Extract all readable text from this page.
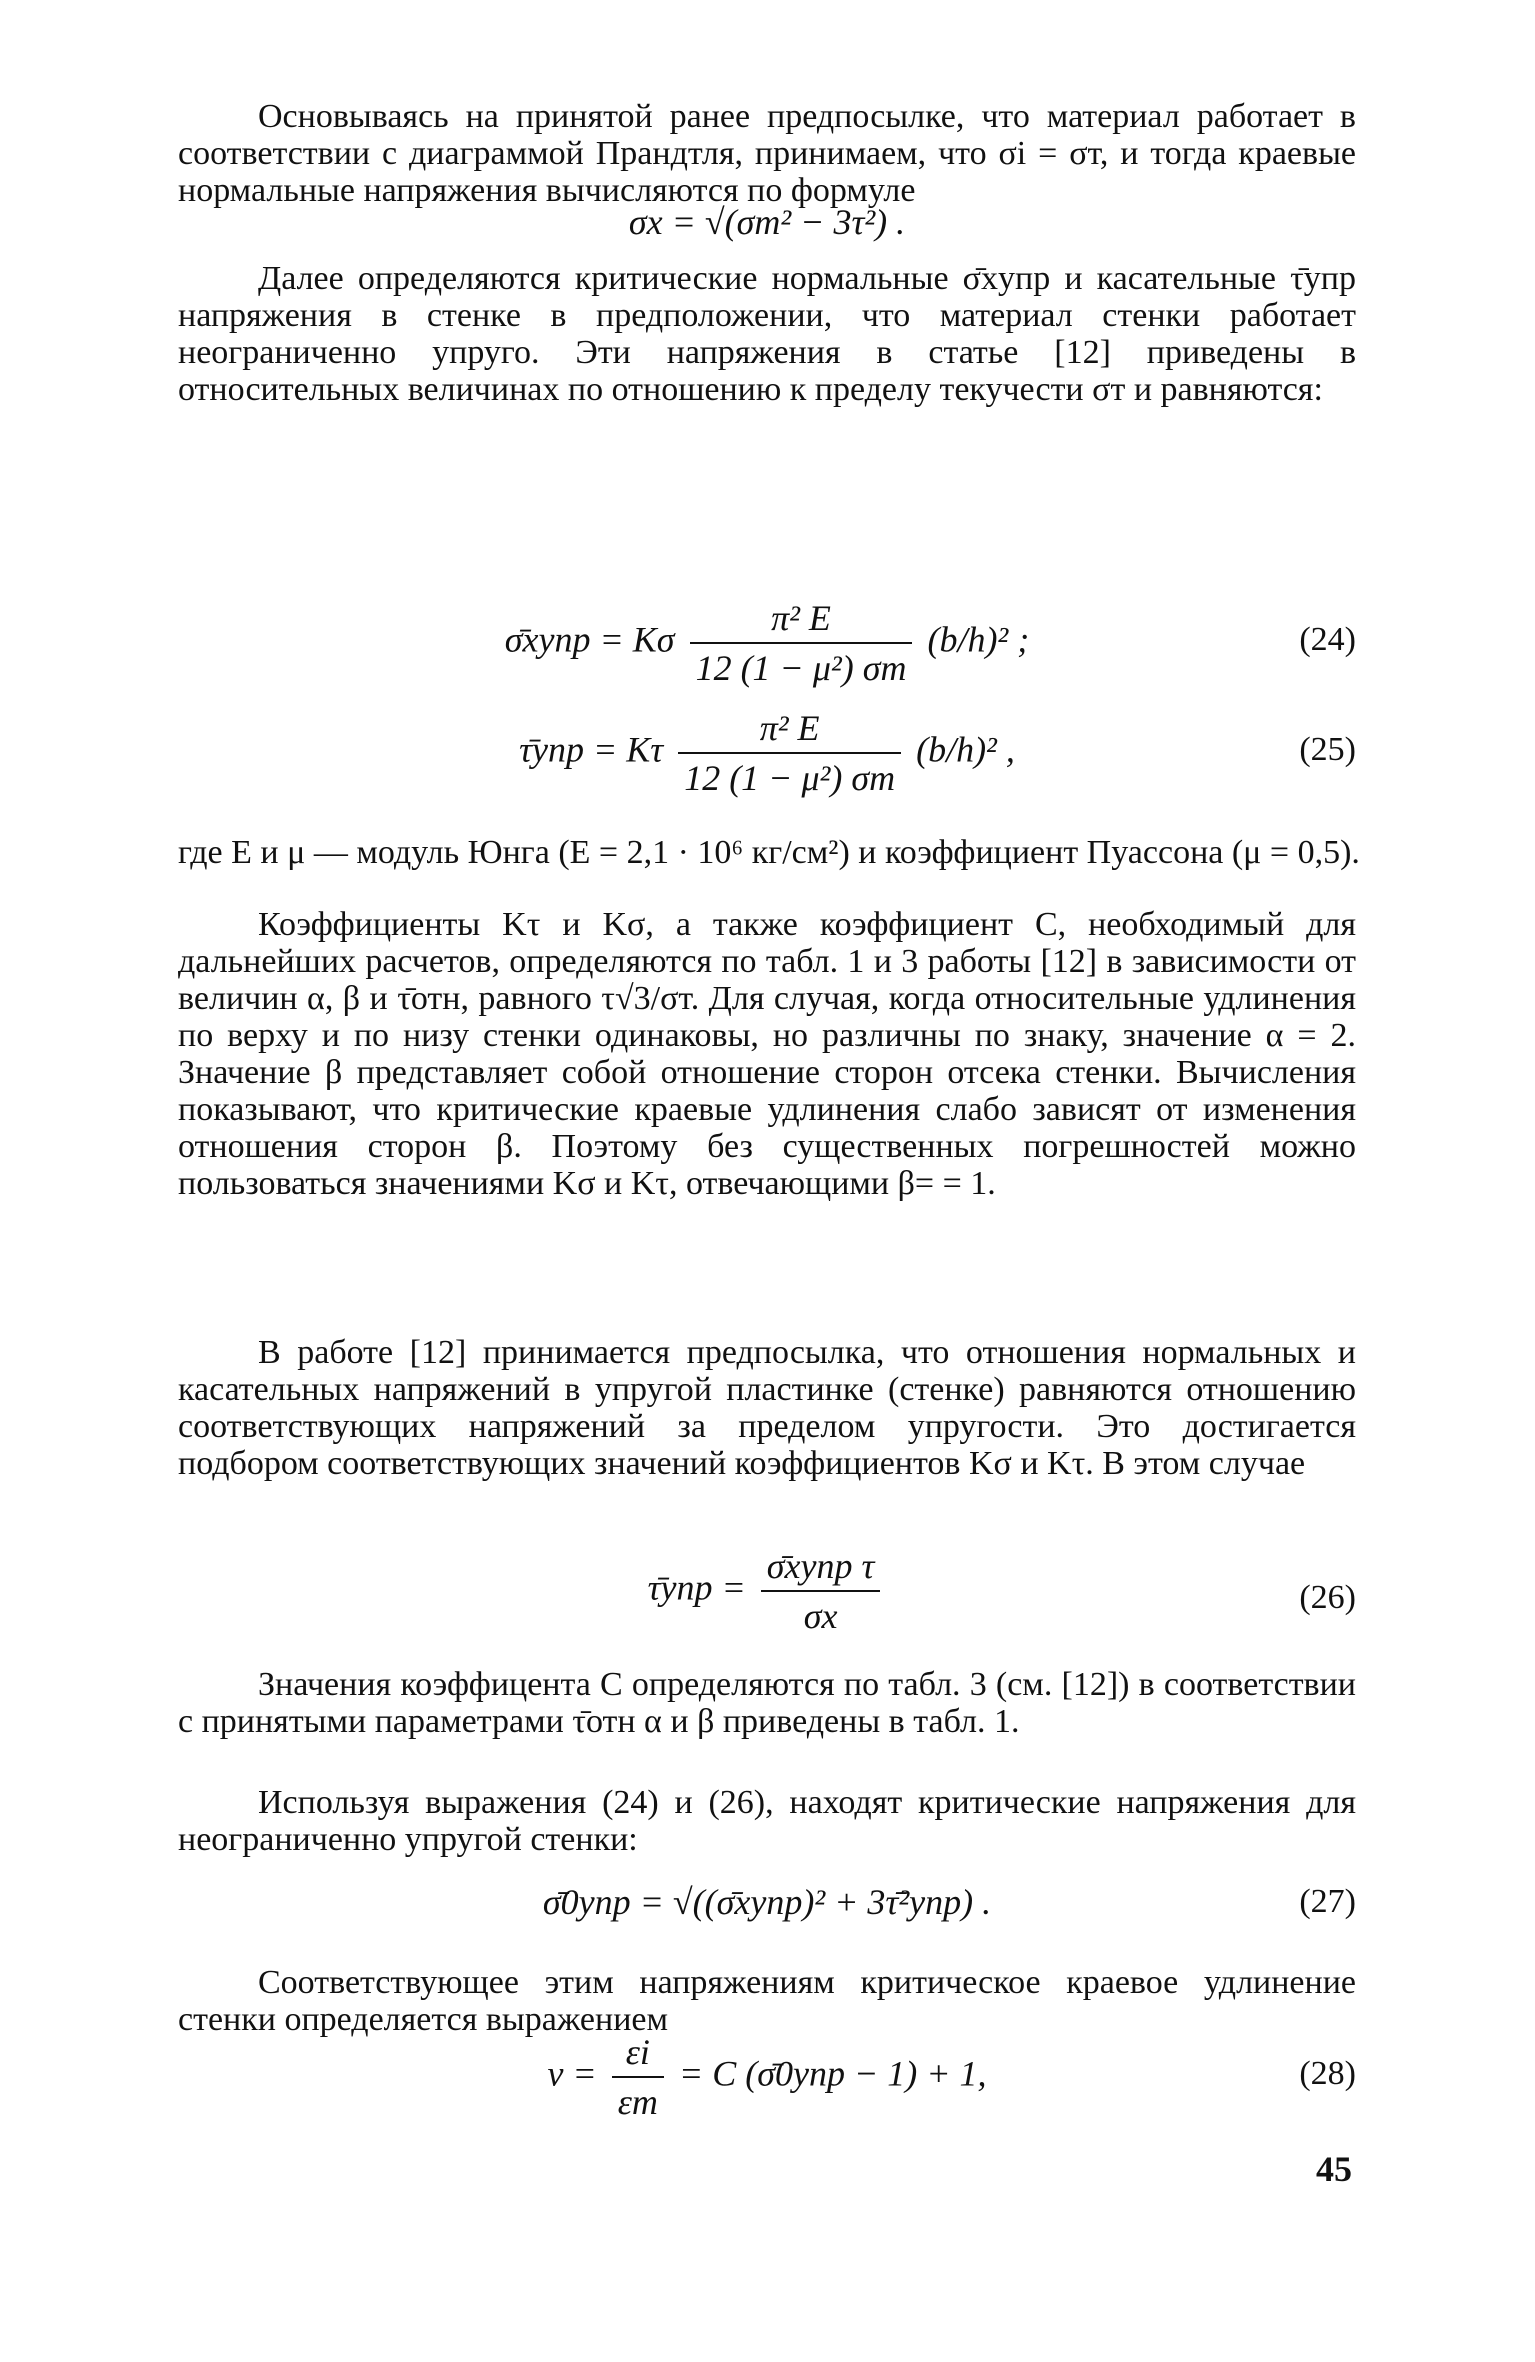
Основываясь на принятой ранее предпосылке, что материал работает в соответствии с диаграммой Прандтля, принимаем, что σi = σт, и тогда краевые нормальные напряжения вычисляются по формуле

σx = √(σт² − 3τ²) .

Далее определяются критические нормальные σ̄xупр и касательные τ̄упр напряжения в стенке в предположении, что материал стенки работает неограниченно упруго. Эти напряжения в статье [12] приведены в относительных величинах по отношению к пределу текучести σт и равняются:

σ̄xупр = Kσ $\frac{\text{π² E}}{\text{12 (1 − μ²) σт}} (b/h)^2$ ;	(24)
τ̄упр = Kτ $\frac{\text{π² E}}{\text{12 (1 − μ²) σт}} (b/h)^2$ ,	(25)

где E и μ — модуль Юнга (E = 2,1 · 10⁶ кг/см²) и коэффициент Пуассона (μ = 0,5).

Коэффициенты Kτ и Kσ, а также коэффициент C, необходимый для дальнейших расчетов, определяются по табл. 1 и 3 работы [12] в зависимости от величин α, β и τ̄отн, равного τ√3/σт. Для случая, когда относительные удлинения по верху и по низу стенки одинаковы, но различны по знаку, значение α = 2. Значение β представляет собой отношение сторон отсека стенки. Вычисления показывают, что критические краевые удлинения слабо зависят от изменения отношения сторон β. Поэтому без существенных погрешностей можно пользоваться значениями Kσ и Kτ, отвечающими β= = 1.

В работе [12] принимается предпосылка, что отношения нормальных и касательных напряжений в упругой пластинке (стенке) равняются отношению соответствующих напряжений за пределом упругости. Это достигается подбором соответствующих значений коэффициентов Kσ и Kτ. В этом случае

τ̄упр = $\frac{\text{σ̄xупр τ}}{\sigma x}$	(26)

Значения коэффицента C определяются по табл. 3 (см. [12]) в соответствии с принятыми параметрами τ̄отн α и β приведены в табл. 1.

Используя выражения (24) и (26), находят критические напряжения для неограниченно упругой стенки:

σ̄0упр = √((σ̄xупр)² + 3τ̄²упр) .	(27)

Соответствующее этим напряжениям критическое краевое удлинение стенки определяется выражением

$\nu = \frac{\varepsilon i}{\varepsilon т} = C$ (σ̄0упр − 1) + 1,	(28)
45
